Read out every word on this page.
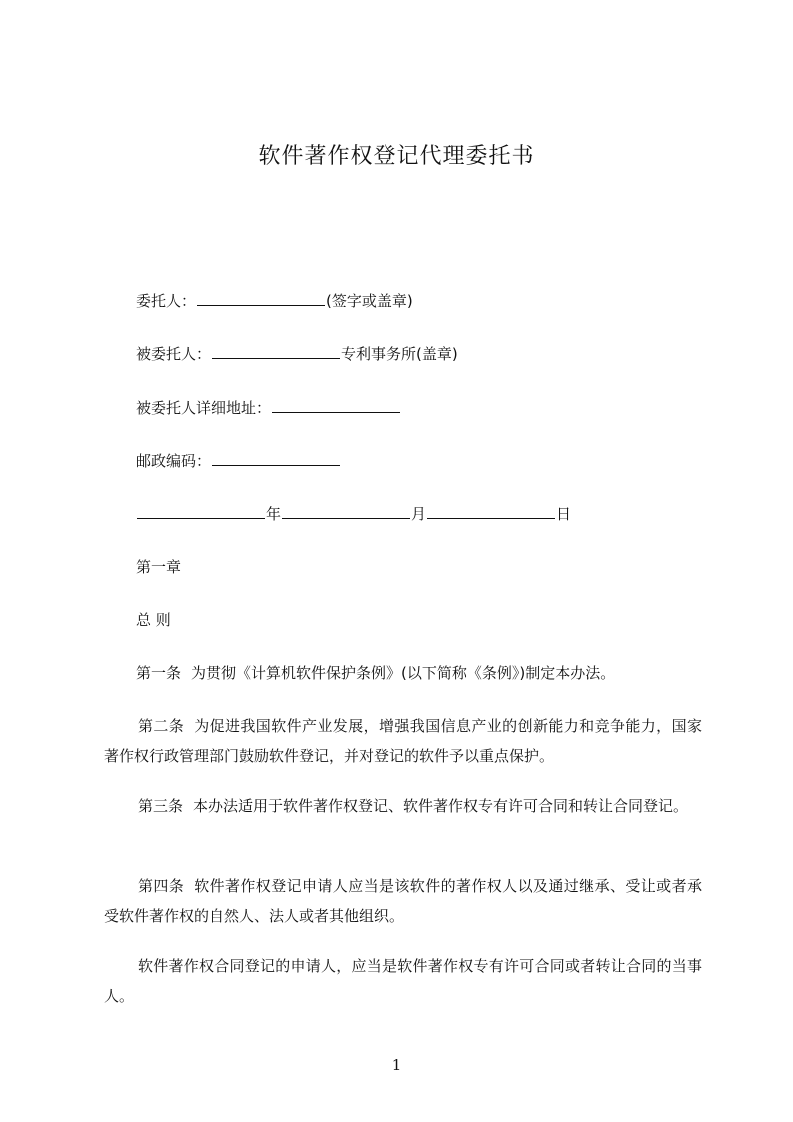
软件著作权登记代理委托书
委托人：	(签字或盖章)
被委托人：	专利事务所(盖章)
被委托人详细地址：
邮政编码：
年	月	日
第一章
总 则
第一条 为贯彻《计算机软件保护条例》(以下简称《条例》)制定本办法。
第二条 为促进我国软件产业发展，增强我国信息产业的创新能力和竞争能力，国家著作权行政管理部门鼓励软件登记，并对登记的软件予以重点保护。
第三条 本办法适用于软件著作权登记、软件著作权专有许可合同和转让合同登记。
第四条 软件著作权登记申请人应当是该软件的著作权人以及通过继承、受让或者承受软件著作权的自然人、法人或者其他组织。
软件著作权合同登记的申请人，应当是软件著作权专有许可合同或者转让合同的当事人。
1
